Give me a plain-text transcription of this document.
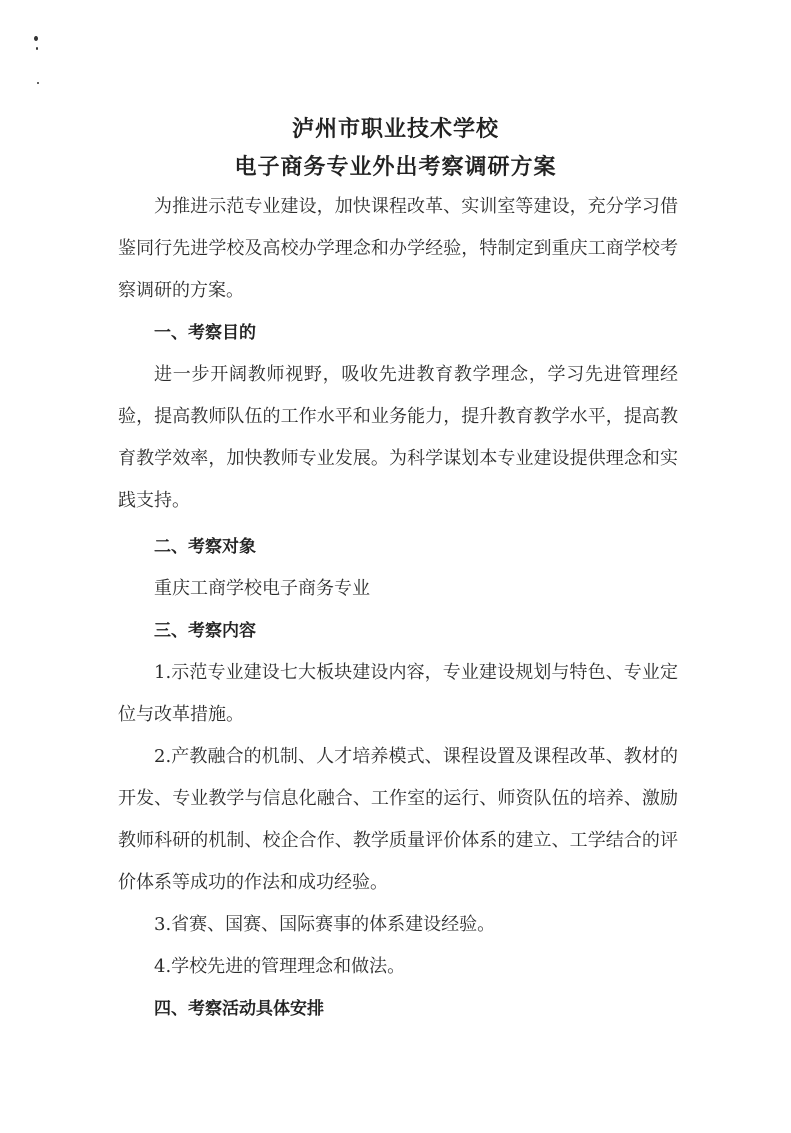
泸州市职业技术学校
电子商务专业外出考察调研方案

为推进示范专业建设，加快课程改革、实训室等建设，充分学习借鉴同行先进学校及高校办学理念和办学经验，特制定到重庆工商学校考察调研的方案。

一、考察目的

进一步开阔教师视野，吸收先进教育教学理念，学习先进管理经验，提高教师队伍的工作水平和业务能力，提升教育教学水平，提高教育教学效率，加快教师专业发展。为科学谋划本专业建设提供理念和实践支持。

二、考察对象

重庆工商学校电子商务专业

三、考察内容

1.示范专业建设七大板块建设内容，专业建设规划与特色、专业定位与改革措施。

2.产教融合的机制、人才培养模式、课程设置及课程改革、教材的开发、专业教学与信息化融合、工作室的运行、师资队伍的培养、激励教师科研的机制、校企合作、教学质量评价体系的建立、工学结合的评价体系等成功的作法和成功经验。

3.省赛、国赛、国际赛事的体系建设经验。

4.学校先进的管理理念和做法。

四、考察活动具体安排
